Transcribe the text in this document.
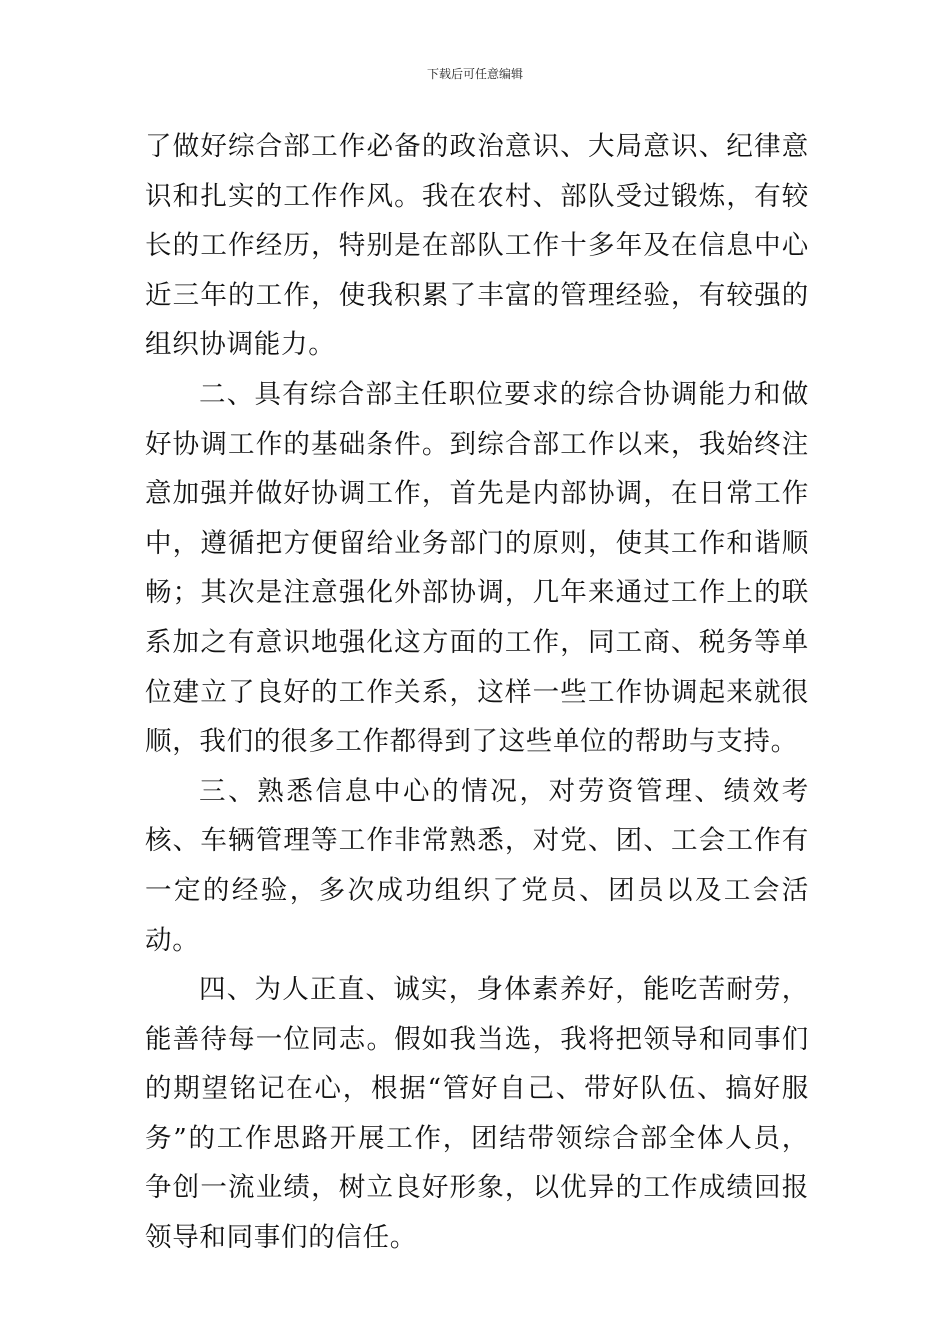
下载后可任意编辑

了做好综合部工作必备的政治意识、大局意识、纪律意识和扎实的工作作风。我在农村、部队受过锻炼，有较长的工作经历，特别是在部队工作十多年及在信息中心近三年的工作，使我积累了丰富的管理经验，有较强的组织协调能力。

二、具有综合部主任职位要求的综合协调能力和做好协调工作的基础条件。到综合部工作以来，我始终注意加强并做好协调工作，首先是内部协调，在日常工作中，遵循把方便留给业务部门的原则，使其工作和谐顺畅；其次是注意强化外部协调，几年来通过工作上的联系加之有意识地强化这方面的工作，同工商、税务等单位建立了良好的工作关系，这样一些工作协调起来就很顺，我们的很多工作都得到了这些单位的帮助与支持。

三、熟悉信息中心的情况，对劳资管理、绩效考核、车辆管理等工作非常熟悉，对党、团、工会工作有一定的经验，多次成功组织了党员、团员以及工会活动。

四、为人正直、诚实，身体素养好，能吃苦耐劳，能善待每一位同志。假如我当选，我将把领导和同事们的期望铭记在心，根据“管好自己、带好队伍、搞好服务”的工作思路开展工作，团结带领综合部全体人员，争创一流业绩，树立良好形象，以优异的工作成绩回报领导和同事们的信任。
